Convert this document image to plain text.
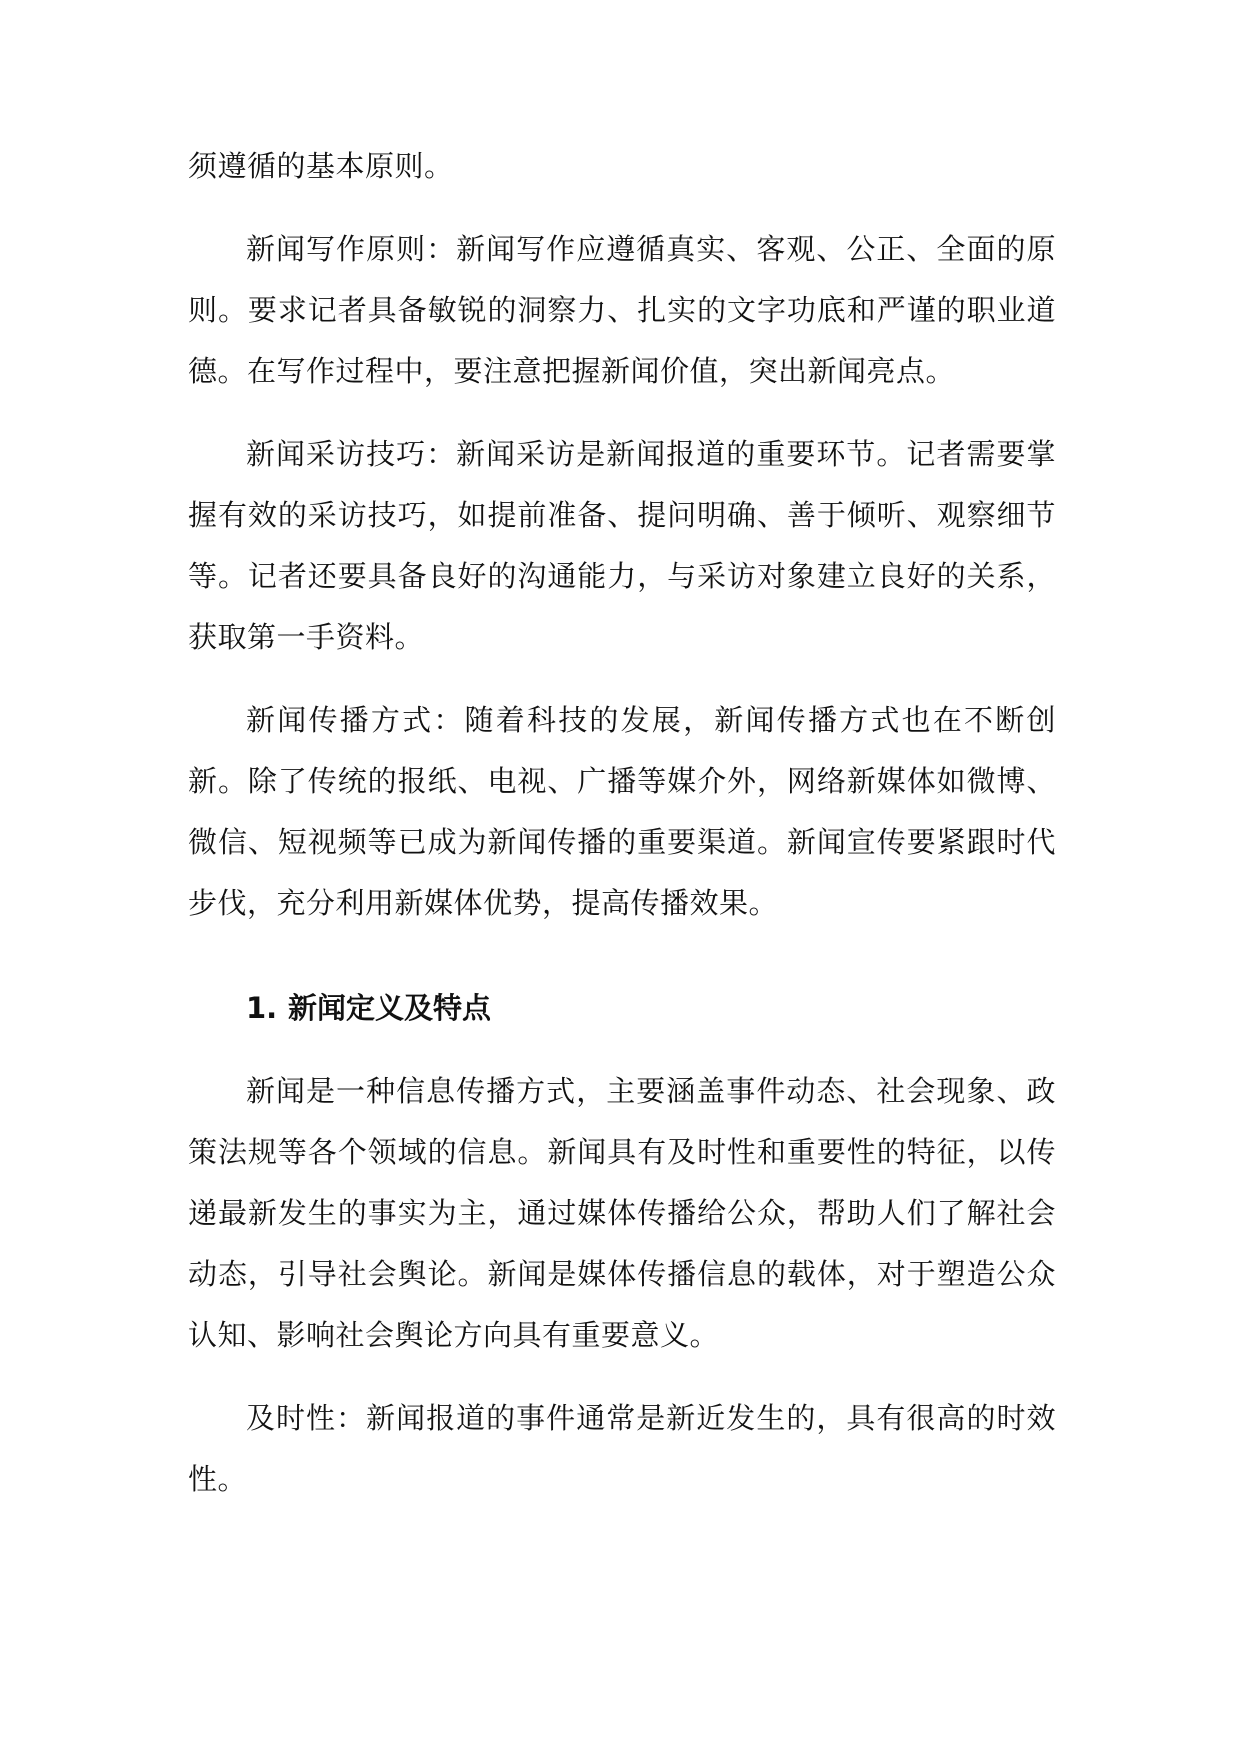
须遵循的基本原则。

新闻写作原则：新闻写作应遵循真实、客观、公正、全面的原则。要求记者具备敏锐的洞察力、扎实的文字功底和严谨的职业道德。在写作过程中，要注意把握新闻价值，突出新闻亮点。

新闻采访技巧：新闻采访是新闻报道的重要环节。记者需要掌握有效的采访技巧，如提前准备、提问明确、善于倾听、观察细节等。记者还要具备良好的沟通能力，与采访对象建立良好的关系，获取第一手资料。

新闻传播方式：随着科技的发展，新闻传播方式也在不断创新。除了传统的报纸、电视、广播等媒介外，网络新媒体如微博、微信、短视频等已成为新闻传播的重要渠道。新闻宣传要紧跟时代步伐，充分利用新媒体优势，提高传播效果。

1. 新闻定义及特点

新闻是一种信息传播方式，主要涵盖事件动态、社会现象、政策法规等各个领域的信息。新闻具有及时性和重要性的特征，以传递最新发生的事实为主，通过媒体传播给公众，帮助人们了解社会动态，引导社会舆论。新闻是媒体传播信息的载体，对于塑造公众认知、影响社会舆论方向具有重要意义。

及时性：新闻报道的事件通常是新近发生的，具有很高的时效性。
